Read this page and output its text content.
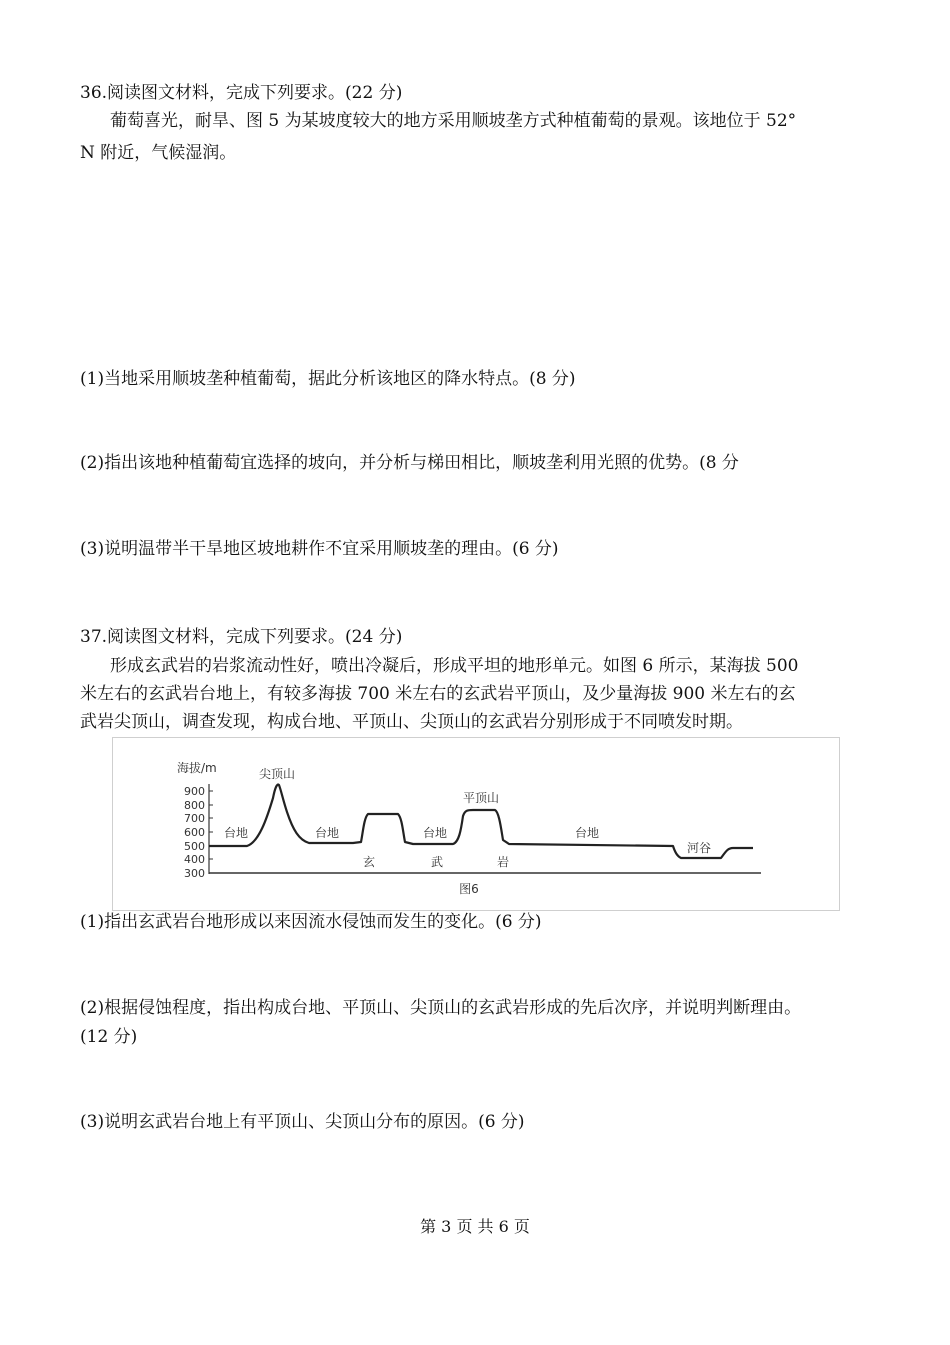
36.阅读图文材料，完成下列要求。(22 分)
葡萄喜光，耐旱、图 5 为某坡度较大的地方采用顺坡垄方式种植葡萄的景观。该地位于 52°
N 附近，气候湿润。
(1)当地采用顺坡垄种植葡萄，据此分析该地区的降水特点。(8 分)
(2)指出该地种植葡萄宜选择的坡向，并分析与梯田相比，顺坡垄利用光照的优势。(8 分
(3)说明温带半干旱地区坡地耕作不宜采用顺坡垄的理由。(6 分)
37.阅读图文材料，完成下列要求。(24 分)
形成玄武岩的岩浆流动性好，喷出冷凝后，形成平坦的地形单元。如图 6 所示，某海拔 500
米左右的玄武岩台地上，有较多海拔 700 米左右的玄武岩平顶山，及少量海拔 900 米左右的玄
武岩尖顶山，调查发现，构成台地、平顶山、尖顶山的玄武岩分别形成于不同喷发时期。
海拔/m
900
800
700
600
500
400
300
尖顶山
平顶山
台地	台地	台地	台地
河谷
玄	武	岩
图6
(1)指出玄武岩台地形成以来因流水侵蚀而发生的变化。(6 分)
(2)根据侵蚀程度，指出构成台地、平顶山、尖顶山的玄武岩形成的先后次序，并说明判断理由。
(12 分)
(3)说明玄武岩台地上有平顶山、尖顶山分布的原因。(6 分)
第 3 页 共 6 页
